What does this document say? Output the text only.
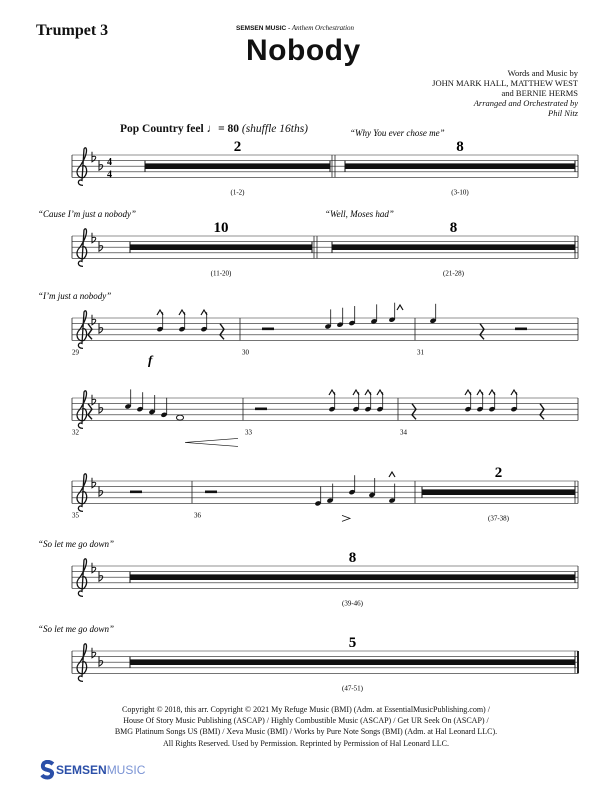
Trumpet 3	SEMSEN MUSIC - Anthem Orchestration
Nobody
Words and Music by
JOHN MARK HALL, MATTHEW WEST
and BERNIE HERMS
Arranged and Orchestrated by
Phil Nitz
Pop Country feel ♩= 80 (shuffle 16ths)
4
4
“Why You ever chose me”
2
(1-2)
8
(3-10)
“Cause I’m just a nobody”	“Well, Moses had”
10
(11-20)
8
(21-28)
“I’m just a nobody”
29	30	31
32	33	34
2
(37-38)
35	36
“So let me go down”
8
(39-46)
“So let me go down”
5
(47-51)
f
Copyright © 2018, this arr. Copyright © 2021 My Refuge Music (BMI) (Adm. at EssentialMusicPublishing.com) /
House Of Story Music Publishing (ASCAP) / Highly Combustible Music (ASCAP) / Get UR Seek On (ASCAP) /
BMG Platinum Songs US (BMI) / Xeva Music (BMI) / Works by Pure Note Songs (BMI) (Adm. at Hal Leonard LLC).
All Rights Reserved. Used by Permission. Reprinted by Permission of Hal Leonard LLC.
SEMSEN MUSIC
